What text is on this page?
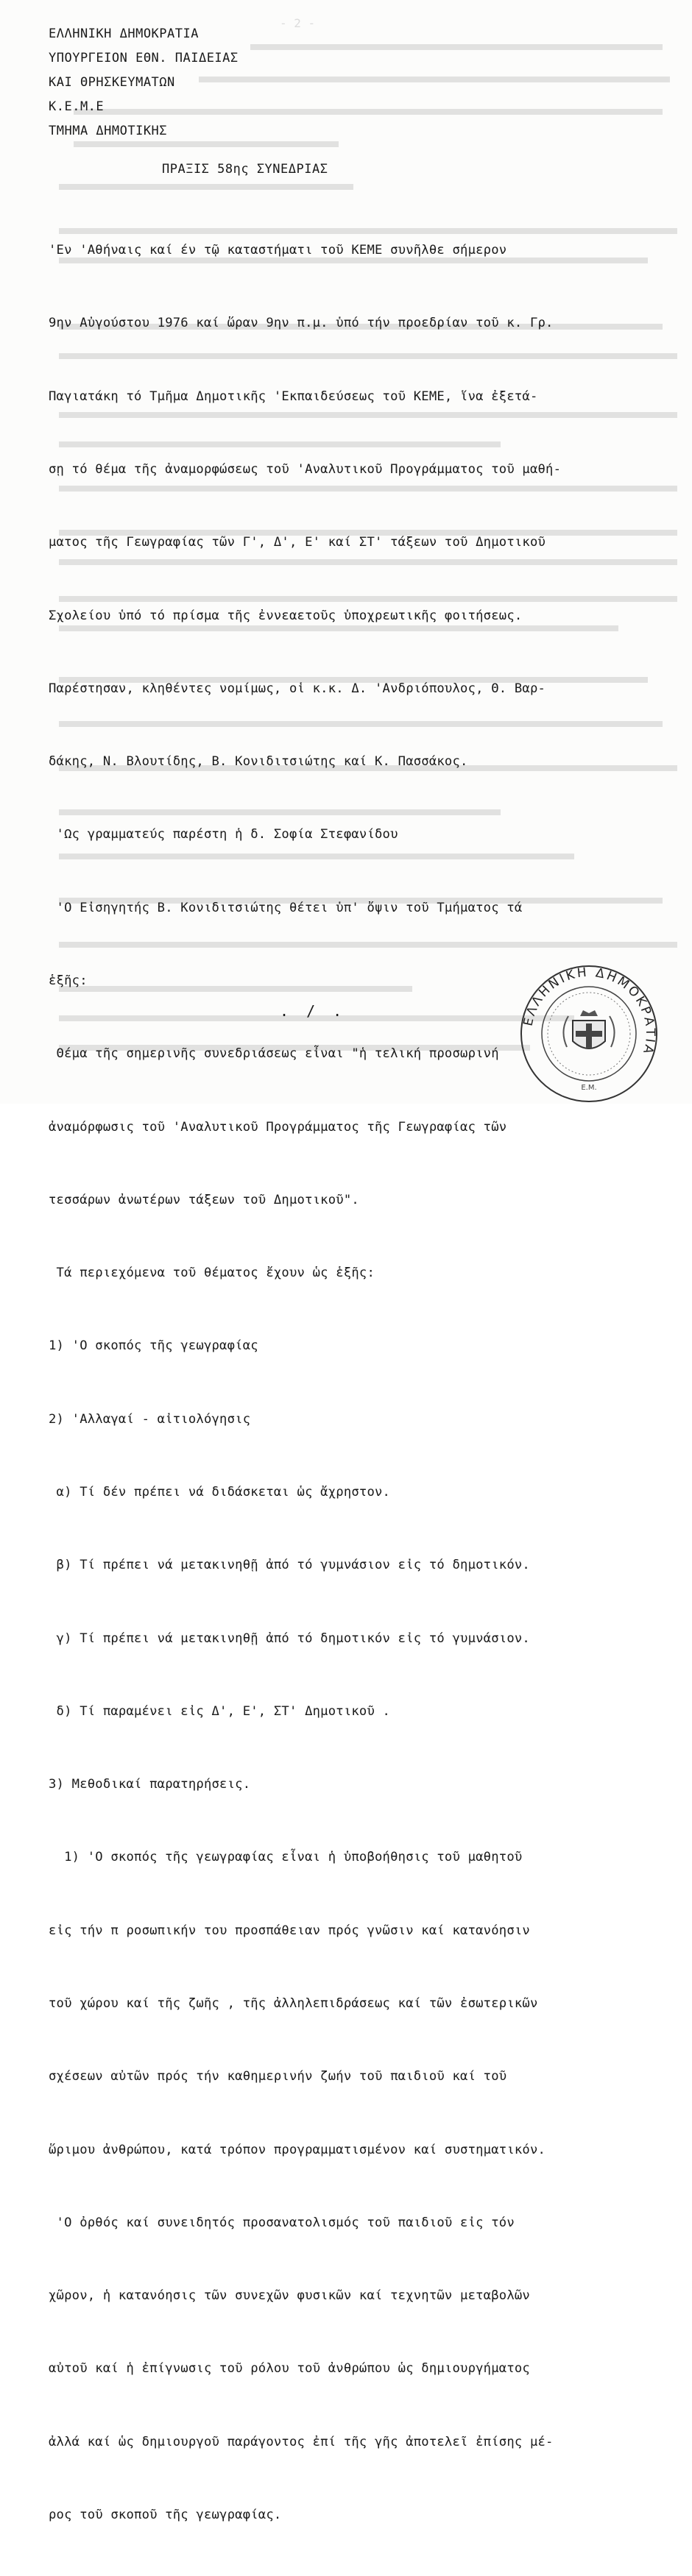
- 2 -
ΕΛΛΗΝΙΚΗ ΔΗΜΟΚΡΑΤΙΑ
ΥΠΟΥΡΓΕΙΟΝ ΕΘΝ. ΠΑΙΔΕΙΑΣ
ΚΑΙ ΘΡΗΣΚΕΥΜΑΤΩΝ
Κ.Ε.Μ.Ε
ΤΜΗΜΑ ΔΗΜΟΤΙΚΗΣ
ΠΡΑΞΙΣ 58ης ΣΥΝΕΔΡΙΑΣ

'Εν 'Αθήναις καί έν τῷ καταστήματι τοῦ ΚΕΜΕ συνῆλθε σήμερον

9ην Αὐγούστου 1976 καί ὥραν 9ην π.μ. ὑπό τήν προεδρίαν τοῦ κ. Γρ.

Παγιατάκη τό Τμῆμα Δημοτικῆς 'Εκπαιδεύσεως τοῦ ΚΕΜΕ, ἵνα ἐξετά-

σῃ τό θέμα τῆς ἀναμορφώσεως τοῦ 'Αναλυτικοῦ Προγράμματος τοῦ μαθή-

ματος τῆς Γεωγραφίας τῶν Γ', Δ', Ε' καί ΣΤ' τάξεων τοῦ Δημοτικοῦ

Σχολείου ὑπό τό πρίσμα τῆς ἐννεαετοῦς ὑποχρεωτικῆς φοιτήσεως.

Παρέστησαν, κληθέντες νομίμως, οἱ κ.κ. Δ. 'Ανδριόπουλος, Θ. Βαρ-

δάκης, Ν. Βλουτίδης, Β. Κονιδιτσιώτης καί Κ. Πασσάκος.

'Ως γραμματεύς παρέστη ἡ δ. Σοφία Στεφανίδου

'Ο Εἰσηγητής Β. Κονιδιτσιώτης θέτει ὑπ' ὄψιν τοῦ Τμήματος τά

ἑξῆς:

Θέμα τῆς σημερινῆς συνεδριάσεως εἶναι "ἡ τελική προσωρινή

ἀναμόρφωσις τοῦ 'Αναλυτικοῦ Προγράμματος τῆς Γεωγραφίας τῶν

τεσσάρων ἀνωτέρων τάξεων τοῦ Δημοτικοῦ".

Τά περιεχόμενα τοῦ θέματος ἔχουν ὡς ἑξῆς:

1) 'Ο σκοπός τῆς γεωγραφίας

2) 'Αλλαγαί - αἰτιολόγησις

α) Τί δέν πρέπει νά διδάσκεται ὡς ἄχρηστον.

β) Τί πρέπει νά μετακινηθῇ ἀπό τό γυμνάσιον εἰς τό δημοτικόν.

γ) Τί πρέπει νά μετακινηθῇ ἀπό τό δημοτικόν εἰς τό γυμνάσιον.

δ) Τί παραμένει εἰς Δ', Ε', ΣΤ' Δημοτικοῦ .

3) Μεθοδικαί παρατηρήσεις.

1) 'Ο σκοπός τῆς γεωγραφίας εἶναι ἡ ὑποβοήθησις τοῦ μαθητοῦ

εἰς τήν π ροσωπικήν του προσπάθειαν πρός γνῶσιν καί κατανόησιν

τοῦ χώρου καί τῆς ζωῆς , τῆς ἀλληλεπιδράσεως καί τῶν ἐσωτερικῶν

σχέσεων αὐτῶν πρός τήν καθημερινήν ζωήν τοῦ παιδιοῦ καί τοῦ

ὥριμου ἀνθρώπου, κατά τρόπον προγραμματισμένον καί συστηματικόν.

'Ο ὀρθός καί συνειδητός προσανατολισμός τοῦ παιδιοῦ εἰς τόν

χῶρον, ἡ κατανόησις τῶν συνεχῶν φυσικῶν καί τεχνητῶν μεταβολῶν

αὐτοῦ καί ἡ ἐπίγνωσις τοῦ ρόλου τοῦ ἀνθρώπου ὡς δημιουργήματος

ἀλλά καί ὡς δημιουργοῦ παράγοντος ἐπί τῆς γῆς ἀποτελεῖ ἐπίσης μέ-

ρος τοῦ σκοποῦ τῆς γεωγραφίας.

. / .
ΕΛΛΗΝΙΚΗ ΔΗΜΟΚΡΑΤΙΑ
Ε.Μ.
